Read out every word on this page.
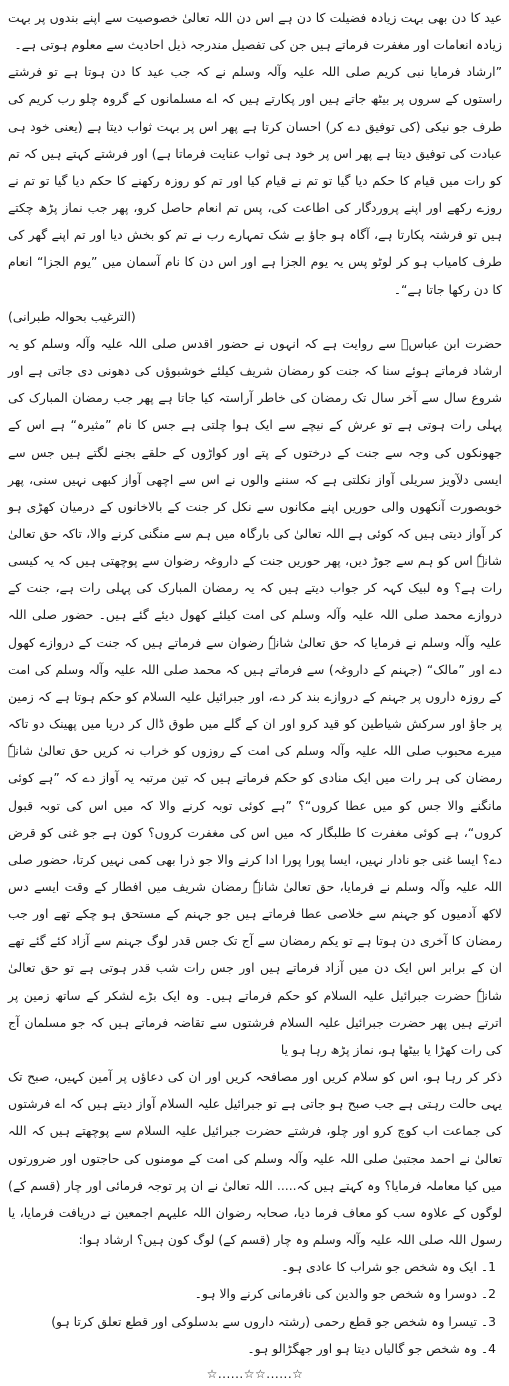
عید کا دن بھی بہت زیادہ فضیلت کا دن ہے اس دن اللہ تعالیٰ خصوصیت سے اپنے بندوں پر بہت زیادہ انعامات اور مغفرت فرماتے ہیں جن کی تفصیل مندرجہ ذیل احادیث سے معلوم ہوتی ہے۔

”ارشاد فرمایا نبی کریم صلی اللہ علیہ وآلہ وسلم نے کہ جب عید کا دن ہوتا ہے تو فرشتے راستوں کے سروں پر بیٹھ جاتے ہیں اور پکارتے ہیں کہ اے مسلمانوں کے گروہ چلو رب کریم کی طرف جو نیکی (کی توفیق دے کر) احسان کرتا ہے پھر اس پر بہت ثواب دیتا ہے (یعنی خود ہی عبادت کی توفیق دیتا ہے پھر اس پر خود ہی ثواب عنایت فرماتا ہے) اور فرشتے کہتے ہیں کہ تم کو رات میں قیام کا حکم دیا گیا تو تم نے قیام کیا اور تم کو روزہ رکھنے کا حکم دیا گیا تو تم نے روزے رکھے اور اپنے پروردگار کی اطاعت کی، پس تم انعام حاصل کرو، پھر جب نماز پڑھ چکتے ہیں تو فرشتہ پکارتا ہے، آگاہ ہو جاؤ بے شک تمہارے رب نے تم کو بخش دیا اور تم اپنے گھر کی طرف کامیاب ہو کر لوٹو پس یہ یوم الجزا ہے اور اس دن کا نام آسمان میں ”یوم الجزا“ انعام کا دن رکھا جاتا ہے“۔

(الترغیب بحوالہ طبرانی)

حضرت ابن عباسؓ سے روایت ہے کہ انہوں نے حضور اقدس صلی اللہ علیہ وآلہ وسلم کو یہ ارشاد فرماتے ہوئے سنا کہ جنت کو رمضان شریف کیلئے خوشبوؤں کی دھونی دی جاتی ہے اور شروع سال سے آخر سال تک رمضان کی خاطر آراستہ کیا جاتا ہے پھر جب رمضان المبارک کی پہلی رات ہوتی ہے تو عرش کے نیچے سے ایک ہوا چلتی ہے جس کا نام ”مثیرہ“ ہے اس کے جھونکوں کی وجہ سے جنت کے درختوں کے پتے اور کواڑوں کے حلقے بجنے لگتے ہیں جس سے ایسی دلآویز سریلی آواز نکلتی ہے کہ سننے والوں نے اس سے اچھی آواز کبھی نہیں سنی، پھر خوبصورت آنکھوں والی حوریں اپنے مکانوں سے نکل کر جنت کے بالاخانوں کے درمیان کھڑی ہو کر آواز دیتی ہیں کہ کوئی ہے اللہ تعالیٰ کی بارگاہ میں ہم سے منگنی کرنے والا، تاکہ حق تعالیٰ شانہٗ اس کو ہم سے جوڑ دیں، پھر حوریں جنت کے داروغہ رضوان سے پوچھتی ہیں کہ یہ کیسی رات ہے؟ وہ لبیک کہہ کر جواب دیتے ہیں کہ یہ رمضان المبارک کی پہلی رات ہے، جنت کے دروازے محمد صلی اللہ علیہ وآلہ وسلم کی امت کیلئے کھول دیئے گئے ہیں۔ حضور صلی اللہ علیہ وآلہ وسلم نے فرمایا کہ حق تعالیٰ شانہٗ رضوان سے فرماتے ہیں کہ جنت کے دروازے کھول دے اور ”مالک“ (جہنم کے داروغہ) سے فرماتے ہیں کہ محمد صلی اللہ علیہ وآلہ وسلم کی امت کے روزہ داروں پر جہنم کے دروازے بند کر دے، اور جبرائیل علیہ السلام کو حکم ہوتا ہے کہ زمین پر جاؤ اور سرکش شیاطین کو قید کرو اور ان کے گلے میں طوق ڈال کر دریا میں پھینک دو تاکہ میرے محبوب صلی اللہ علیہ وآلہ وسلم کی امت کے روزوں کو خراب نہ کریں حق تعالیٰ شانہٗ رمضان کی ہر رات میں ایک منادی کو حکم فرماتے ہیں کہ تین مرتبہ یہ آواز دے کہ ”ہے کوئی مانگنے والا جس کو میں عطا کروں“؟ ”ہے کوئی توبہ کرنے والا کہ میں اس کی توبہ قبول کروں“، ہے کوئی مغفرت کا طلبگار کہ میں اس کی مغفرت کروں؟ کون ہے جو غنی کو قرض دے؟ ایسا غنی جو نادار نہیں، ایسا پورا پورا ادا کرنے والا جو ذرا بھی کمی نہیں کرتا، حضور صلی اللہ علیہ وآلہ وسلم نے فرمایا، حق تعالیٰ شانہٗ رمضان شریف میں افطار کے وقت ایسے دس لاکھ آدمیوں کو جہنم سے خلاصی عطا فرماتے ہیں جو جہنم کے مستحق ہو چکے تھے اور جب رمضان کا آخری دن ہوتا ہے تو یکم رمضان سے آج تک جس قدر لوگ جہنم سے آزاد کئے گئے تھے ان کے برابر اس ایک دن میں آزاد فرماتے ہیں اور جس رات شب قدر ہوتی ہے تو حق تعالیٰ شانہٗ حضرت جبرائیل علیہ السلام کو حکم فرماتے ہیں۔ وہ ایک بڑے لشکر کے ساتھ زمین پر اترتے ہیں پھر حضرت جبرائیل علیہ السلام فرشتوں سے تقاضہ فرماتے ہیں کہ جو مسلمان آج کی رات کھڑا یا بیٹھا ہو، نماز پڑھ رہا ہو یا

ذکر کر رہا ہو، اس کو سلام کریں اور مصافحہ کریں اور ان کی دعاؤں پر آمین کہیں، صبح تک یہی حالت رہتی ہے جب صبح ہو جاتی ہے تو جبرائیل علیہ السلام آواز دیتے ہیں کہ اے فرشتوں کی جماعت اب کوچ کرو اور چلو، فرشتے حضرت جبرائیل علیہ السلام سے پوچھتے ہیں کہ اللہ تعالیٰ نے احمد مجتبیٰ صلی اللہ علیہ وآلہ وسلم کی امت کے مومنوں کی حاجتوں اور ضرورتوں میں کیا معاملہ فرمایا؟ وہ کہتے ہیں کہ..... اللہ تعالیٰ نے ان پر توجہ فرمائی اور چار (قسم کے) لوگوں کے علاوہ سب کو معاف فرما دیا، صحابہ رضوان اللہ علیہم اجمعین نے دریافت فرمایا، یا رسول اللہ صلی اللہ علیہ وآلہ وسلم وہ چار (قسم کے) لوگ کون ہیں؟ ارشاد ہوا:

1۔ ایک وہ شخص جو شراب کا عادی ہو۔
2۔ دوسرا وہ شخص جو والدین کی نافرمانی کرنے والا ہو۔
3۔ تیسرا وہ شخص جو قطع رحمی (رشتہ داروں سے بدسلوکی اور قطع تعلق کرتا ہو)
4۔ وہ شخص جو گالیاں دیتا ہو اور جھگڑالو ہو۔
☆......☆☆......☆
